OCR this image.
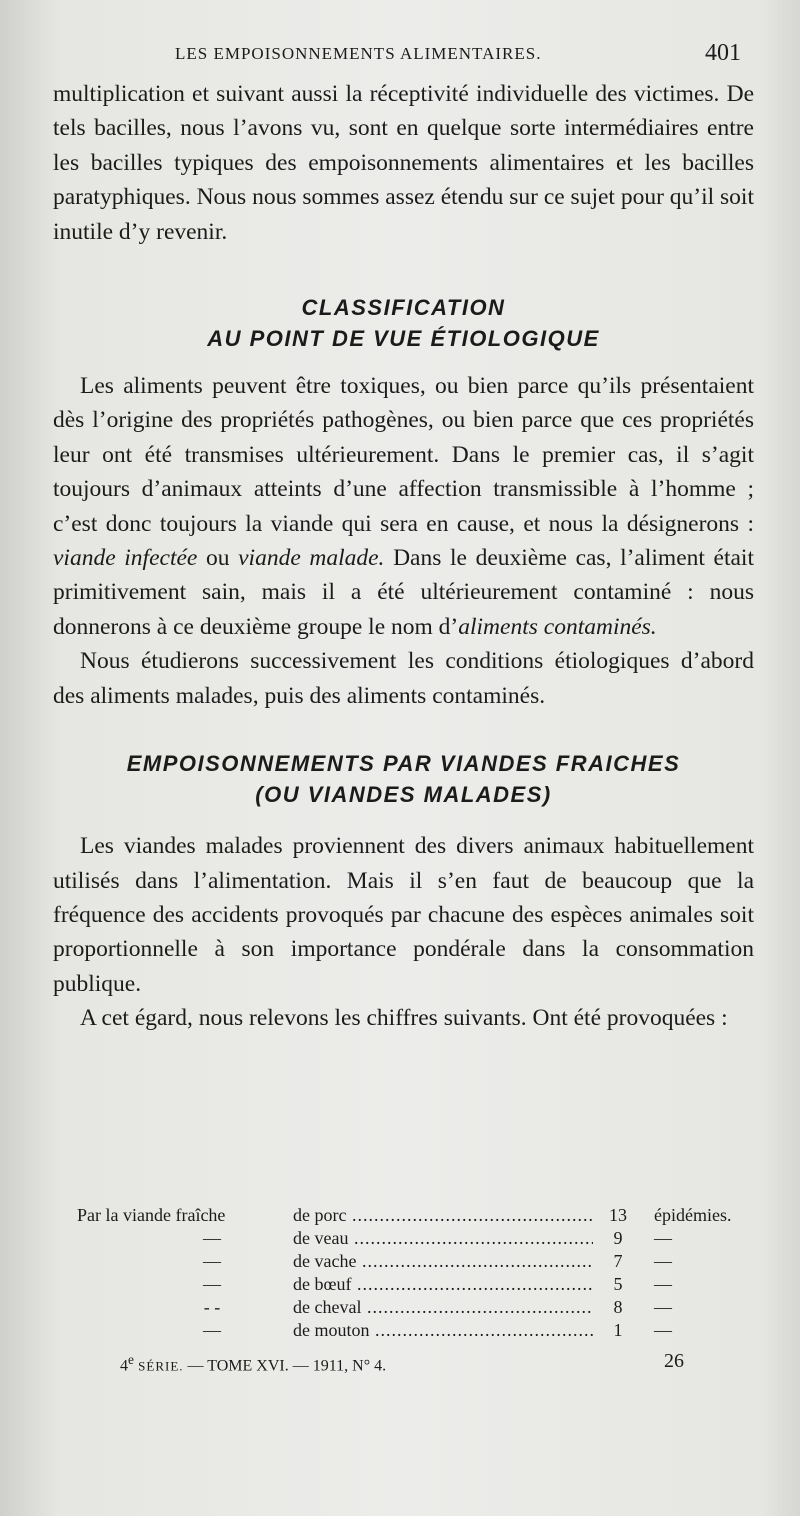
LES EMPOISONNEMENTS ALIMENTAIRES.	401

multiplication et suivant aussi la réceptivité individuelle des victimes. De tels bacilles, nous l’avons vu, sont en quelque sorte intermédiaires entre les bacilles typiques des empoisonnements alimentaires et les bacilles paratyphiques. Nous nous sommes assez étendu sur ce sujet pour qu’il soit inutile d’y revenir.

CLASSIFICATION
AU POINT DE VUE ÉTIOLOGIQUE

Les aliments peuvent être toxiques, ou bien parce qu’ils présentaient dès l’origine des propriétés pathogènes, ou bien parce que ces propriétés leur ont été transmises ultérieurement. Dans le premier cas, il s’agit toujours d’animaux atteints d’une affection transmissible à l’homme ; c’est donc toujours la viande qui sera en cause, et nous la désignerons : viande infectée ou viande malade. Dans le deuxième cas, l’aliment était primitivement sain, mais il a été ultérieurement contaminé : nous donnerons à ce deuxième groupe le nom d’aliments contaminés.

Nous étudierons successivement les conditions étiologiques d’abord des aliments malades, puis des aliments contaminés.

EMPOISONNEMENTS PAR VIANDES FRAICHES
(OU VIANDES MALADES)

Les viandes malades proviennent des divers animaux habituellement utilisés dans l’alimentation. Mais il s’en faut de beaucoup que la fréquence des accidents provoqués par chacune des espèces animales soit proportionnelle à son importance pondérale dans la consommation publique.

A cet égard, nous relevons les chiffres suivants. Ont été provoquées :

Par la viande fraîche	de porc .....	13 épidémies.
—	de veau .....	9	—
—	de vache .....	7	—
—	de bœuf .....	5	—
- -	de cheval .....	8	—
—	de mouton .....	1	—
4e SÉRIE. — TOME XVI. — 1911, N° 4.	26
